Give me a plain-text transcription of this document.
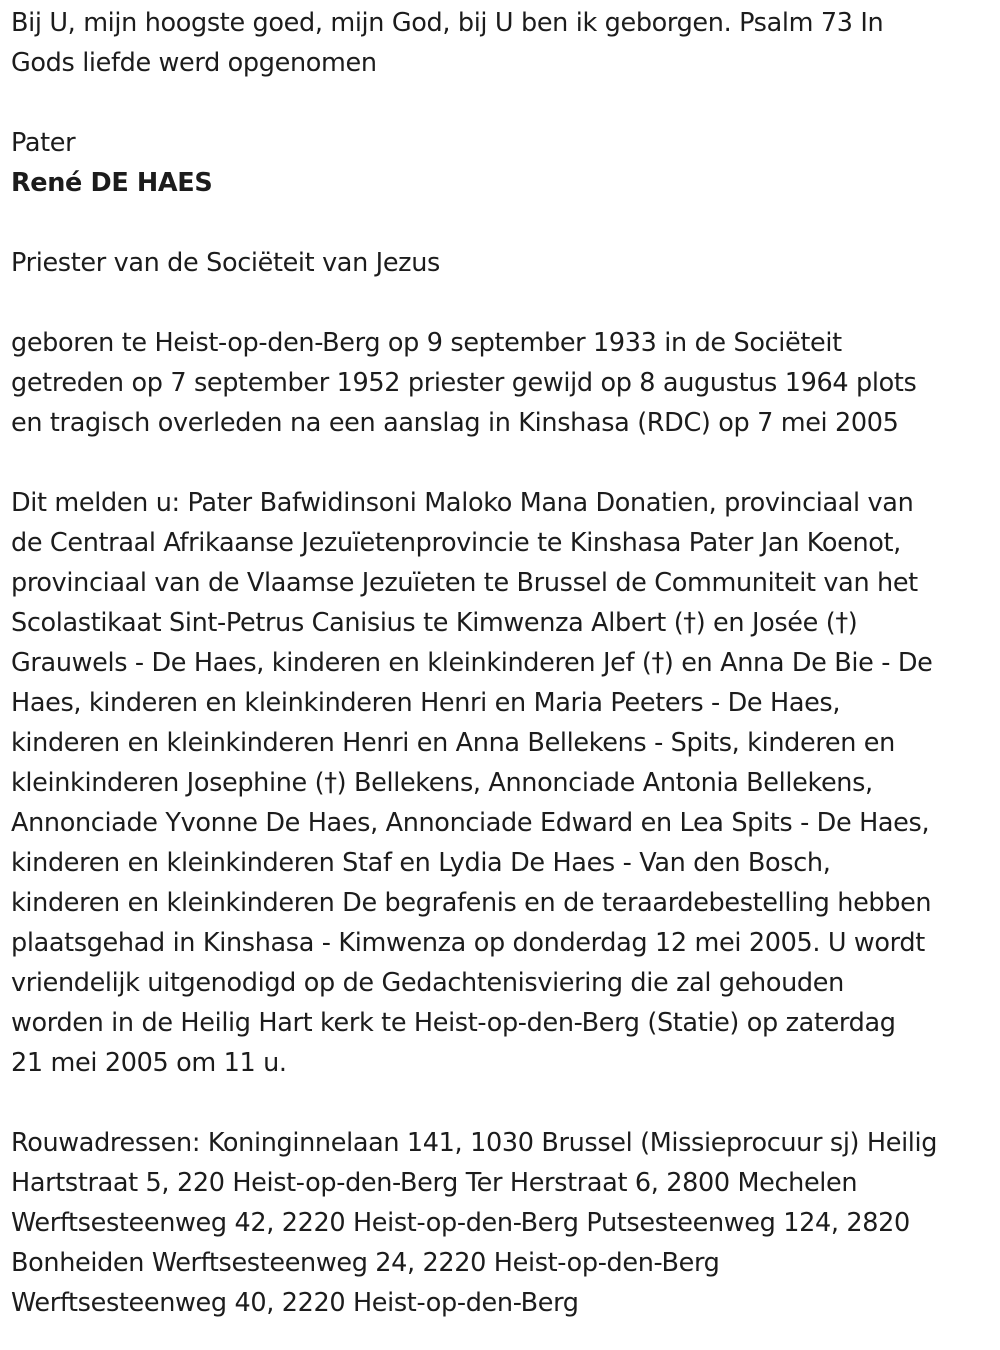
Bij U, mijn hoogste goed, mijn God, bij U ben ik geborgen. Psalm 73 In
Gods liefde werd opgenomen
Pater
René DE HAES
Priester van de Sociëteit van Jezus
geboren te Heist-op-den-Berg op 9 september 1933 in de Sociëteit
getreden op 7 september 1952 priester gewijd op 8 augustus 1964 plots
en tragisch overleden na een aanslag in Kinshasa (RDC) op 7 mei 2005
Dit melden u: Pater Bafwidinsoni Maloko Mana Donatien, provinciaal van
de Centraal Afrikaanse Jezuïetenprovincie te Kinshasa Pater Jan Koenot,
provinciaal van de Vlaamse Jezuïeten te Brussel de Communiteit van het
Scolastikaat Sint-Petrus Canisius te Kimwenza Albert (†) en Josée (†)
Grauwels - De Haes, kinderen en kleinkinderen Jef (†) en Anna De Bie - De
Haes, kinderen en kleinkinderen Henri en Maria Peeters - De Haes,
kinderen en kleinkinderen Henri en Anna Bellekens - Spits, kinderen en
kleinkinderen Josephine (†) Bellekens, Annonciade Antonia Bellekens,
Annonciade Yvonne De Haes, Annonciade Edward en Lea Spits - De Haes,
kinderen en kleinkinderen Staf en Lydia De Haes - Van den Bosch,
kinderen en kleinkinderen De begrafenis en de teraardebestelling hebben
plaatsgehad in Kinshasa - Kimwenza op donderdag 12 mei 2005. U wordt
vriendelijk uitgenodigd op de Gedachtenisviering die zal gehouden
worden in de Heilig Hart kerk te Heist-op-den-Berg (Statie) op zaterdag
21 mei 2005 om 11 u.
Rouwadressen: Koninginnelaan 141, 1030 Brussel (Missieprocuur sj) Heilig
Hartstraat 5, 220 Heist-op-den-Berg Ter Herstraat 6, 2800 Mechelen
Werftsesteenweg 42, 2220 Heist-op-den-Berg Putsesteenweg 124, 2820
Bonheiden Werftsesteenweg 24, 2220 Heist-op-den-Berg
Werftsesteenweg 40, 2220 Heist-op-den-Berg
